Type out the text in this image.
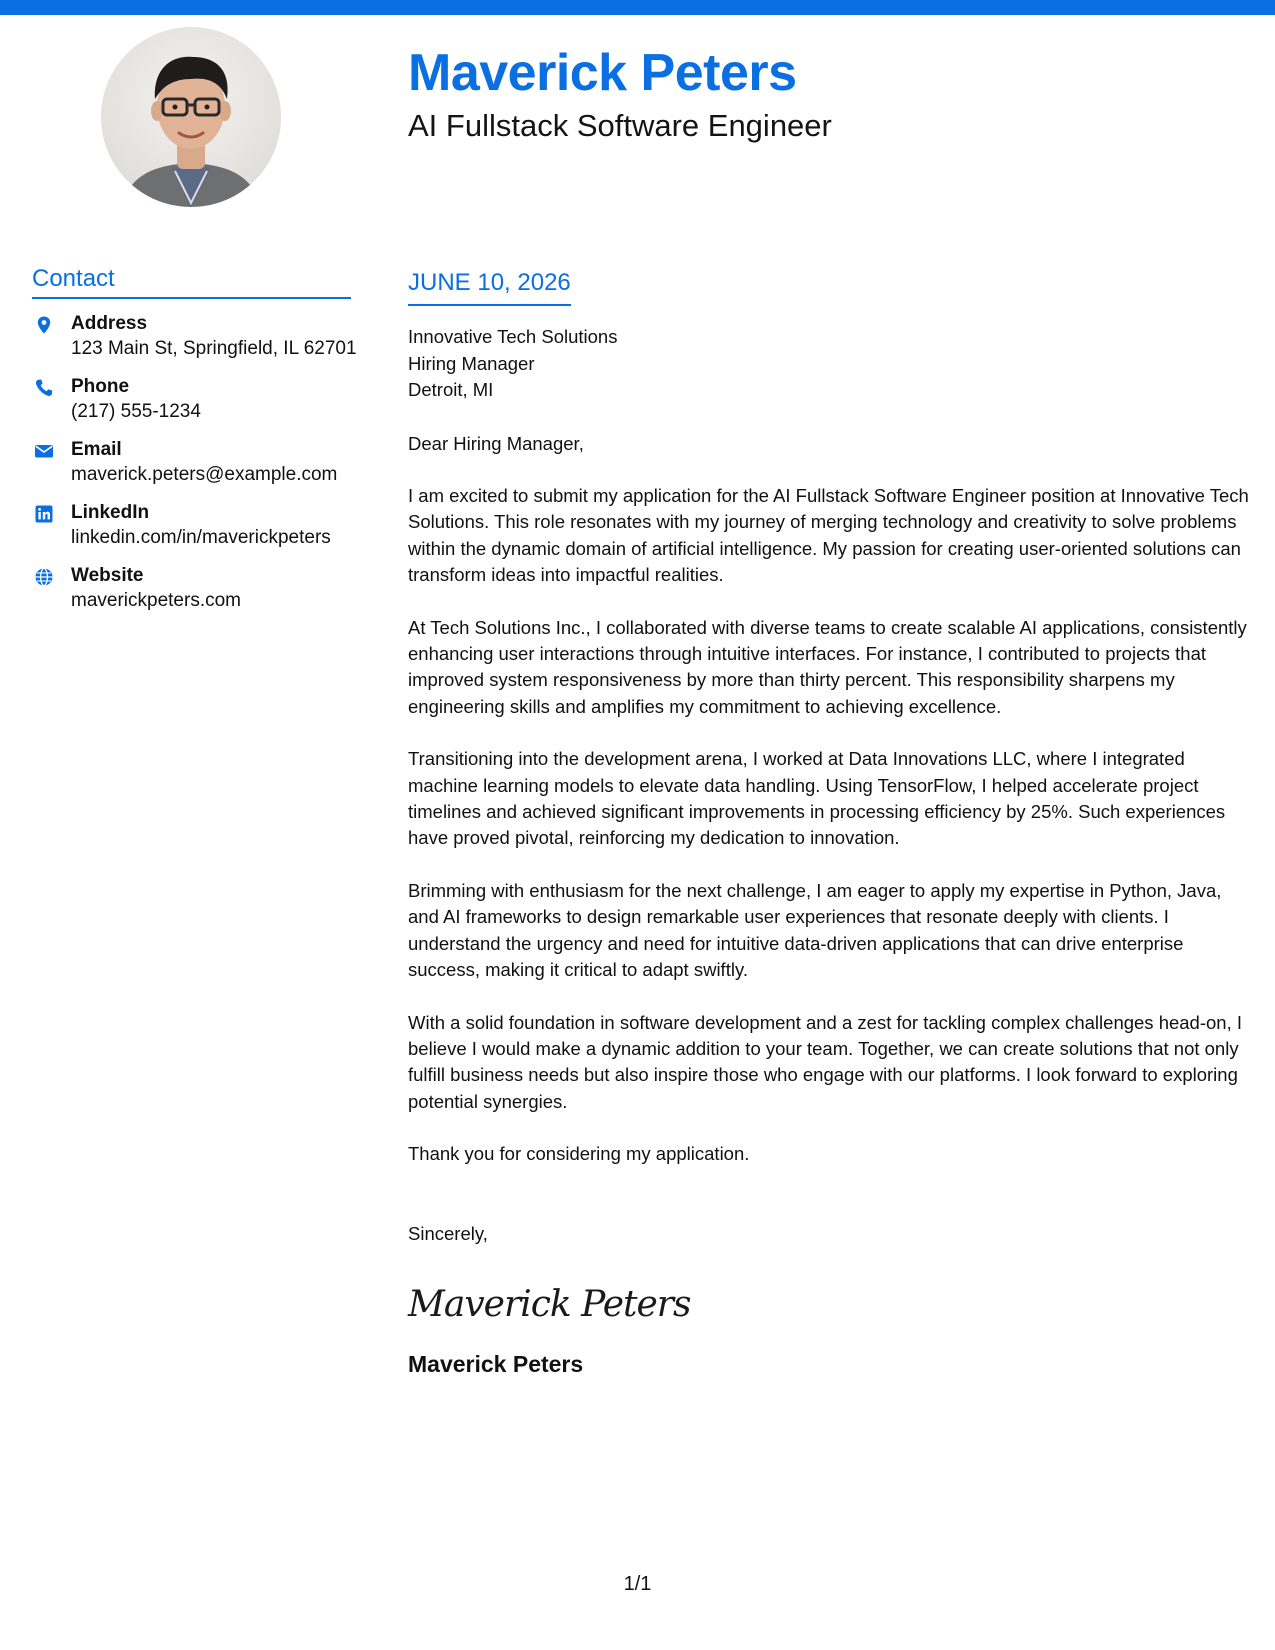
Maverick Peters
AI Fullstack Software Engineer
Contact
Address
123 Main St, Springfield, IL 62701
Phone
(217) 555-1234
Email
maverick.peters@example.com
LinkedIn
linkedin.com/in/maverickpeters
Website
maverickpeters.com
JUNE 10, 2026
Innovative Tech Solutions
Hiring Manager
Detroit, MI
Dear Hiring Manager,
I am excited to submit my application for the AI Fullstack Software Engineer position at Innovative Tech Solutions. This role resonates with my journey of merging technology and creativity to solve problems within the dynamic domain of artificial intelligence. My passion for creating user-oriented solutions can transform ideas into impactful realities.
At Tech Solutions Inc., I collaborated with diverse teams to create scalable AI applications, consistently enhancing user interactions through intuitive interfaces. For instance, I contributed to projects that improved system responsiveness by more than thirty percent. This responsibility sharpens my engineering skills and amplifies my commitment to achieving excellence.
Transitioning into the development arena, I worked at Data Innovations LLC, where I integrated machine learning models to elevate data handling. Using TensorFlow, I helped accelerate project timelines and achieved significant improvements in processing efficiency by 25%. Such experiences have proved pivotal, reinforcing my dedication to innovation.
Brimming with enthusiasm for the next challenge, I am eager to apply my expertise in Python, Java, and AI frameworks to design remarkable user experiences that resonate deeply with clients. I understand the urgency and need for intuitive data-driven applications that can drive enterprise success, making it critical to adapt swiftly.
With a solid foundation in software development and a zest for tackling complex challenges head-on, I believe I would make a dynamic addition to your team. Together, we can create solutions that not only fulfill business needs but also inspire those who engage with our platforms. I look forward to exploring potential synergies.
Thank you for considering my application.
Sincerely,
Maverick Peters
Maverick Peters
1/1
